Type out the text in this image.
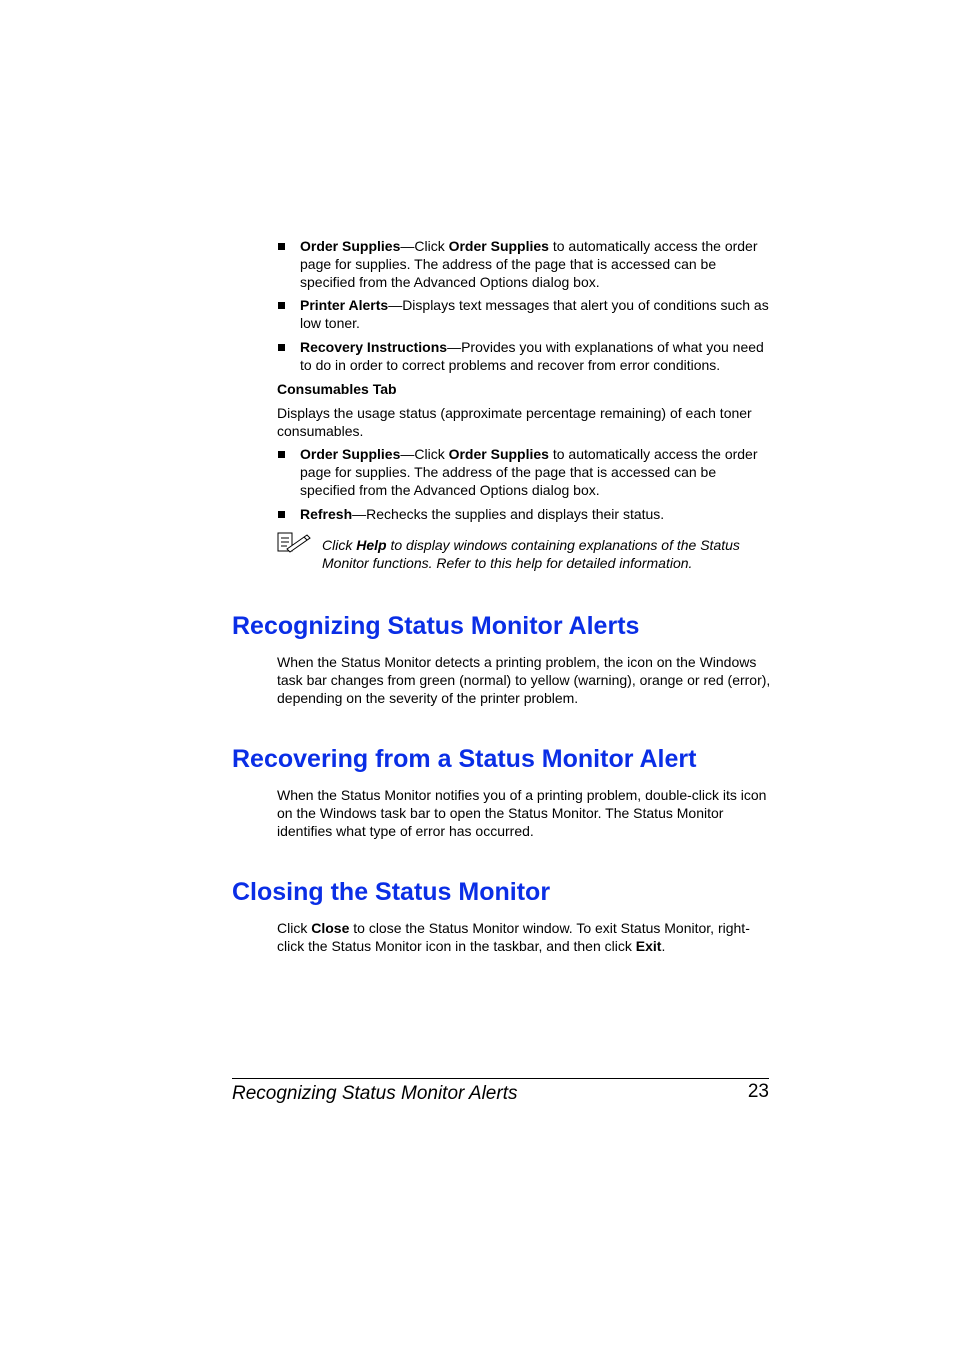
Order Supplies—Click Order Supplies to automatically access the order page for supplies. The address of the page that is accessed can be specified from the Advanced Options dialog box.
Printer Alerts—Displays text messages that alert you of conditions such as low toner.
Recovery Instructions—Provides you with explanations of what you need to do in order to correct problems and recover from error conditions.
Consumables Tab
Displays the usage status (approximate percentage remaining) of each toner consumables.
Order Supplies—Click Order Supplies to automatically access the order page for supplies. The address of the page that is accessed can be specified from the Advanced Options dialog box.
Refresh—Rechecks the supplies and displays their status.
Click Help to display windows containing explanations of the Status Monitor functions. Refer to this help for detailed information.
Recognizing Status Monitor Alerts
When the Status Monitor detects a printing problem, the icon on the Windows task bar changes from green (normal) to yellow (warning), orange or red (error), depending on the severity of the printer problem.
Recovering from a Status Monitor Alert
When the Status Monitor notifies you of a printing problem, double-click its icon on the Windows task bar to open the Status Monitor. The Status Monitor identifies what type of error has occurred.
Closing the Status Monitor
Click Close to close the Status Monitor window. To exit Status Monitor, right-click the Status Monitor icon in the taskbar, and then click Exit.
Recognizing Status Monitor Alerts	23
